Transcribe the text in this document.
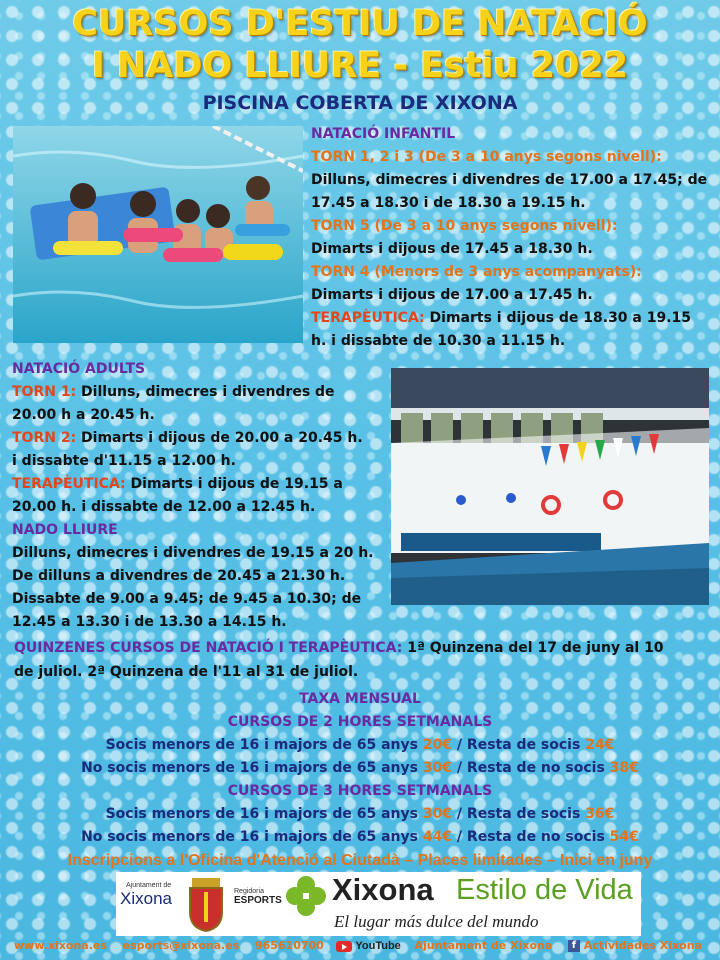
CURSOS D'ESTIU DE NATACIÓ
I NADO LLIURE - Estiu 2022
PISCINA COBERTA DE XIXONA
NATACIÓ INFANTIL
TORN 1, 2 i 3 (De 3 a 10 anys segons nivell):
Dilluns, dimecres i divendres de 17.00 a 17.45; de
17.45 a 18.30 i de 18.30 a 19.15 h.
TORN 5 (De 3 a 10 anys segons nivell):
Dimarts i dijous de 17.45 a 18.30 h.
TORN 4 (Menors de 3 anys acompanyats):
Dimarts i dijous de 17.00 a 17.45 h.
TERAPÈUTICA: Dimarts i dijous de 18.30 a 19.15
h. i dissabte de 10.30 a 11.15 h.
NATACIÓ ADULTS
TORN 1: Dilluns, dimecres i divendres de
20.00 h a 20.45 h.
TORN 2: Dimarts i dijous de 20.00 a 20.45 h.
i dissabte d'11.15 a 12.00 h.
TERAPÈUTICA: Dimarts i dijous de 19.15 a
20.00 h. i dissabte de 12.00 a 12.45 h.
NADO LLIURE
Dilluns, dimecres i divendres de 19.15 a 20 h.
De dilluns a divendres de 20.45 a 21.30 h.
Dissabte de 9.00 a 9.45; de 9.45 a 10.30; de
12.45 a 13.30 i de 13.30 a 14.15 h.
QUINZENES CURSOS DE NATACIÓ I TERAPÈUTICA: 1ª Quinzena del 17 de juny al 10
de juliol. 2ª Quinzena de l'11 al 31 de juliol.
TAXA MENSUAL
CURSOS DE 2 HORES SETMANALS
Socis menors de 16 i majors de 65 anys 20€ / Resta de socis 24€
No socis menors de 16 i majors de 65 anys 30€ / Resta de no socis 38€
CURSOS DE 3 HORES SETMANALS
Socis menors de 16 i majors de 65 anys 30€ / Resta de socis 36€
No socis menors de 16 i majors de 65 anys 44€ / Resta de no socis 54€
Inscripcions a l'Oficina d'Atenció al Ciutadà – Places limitades – Inici en juny
Ajuntament de
Xixona	Regidoria
ESPORTS	Xixona Estilo de Vida
El lugar más dulce del mundo
www.xixona.es esports@xixona.es 965610700	YouTube Ajuntament de Xixona f Actividades Xixona
